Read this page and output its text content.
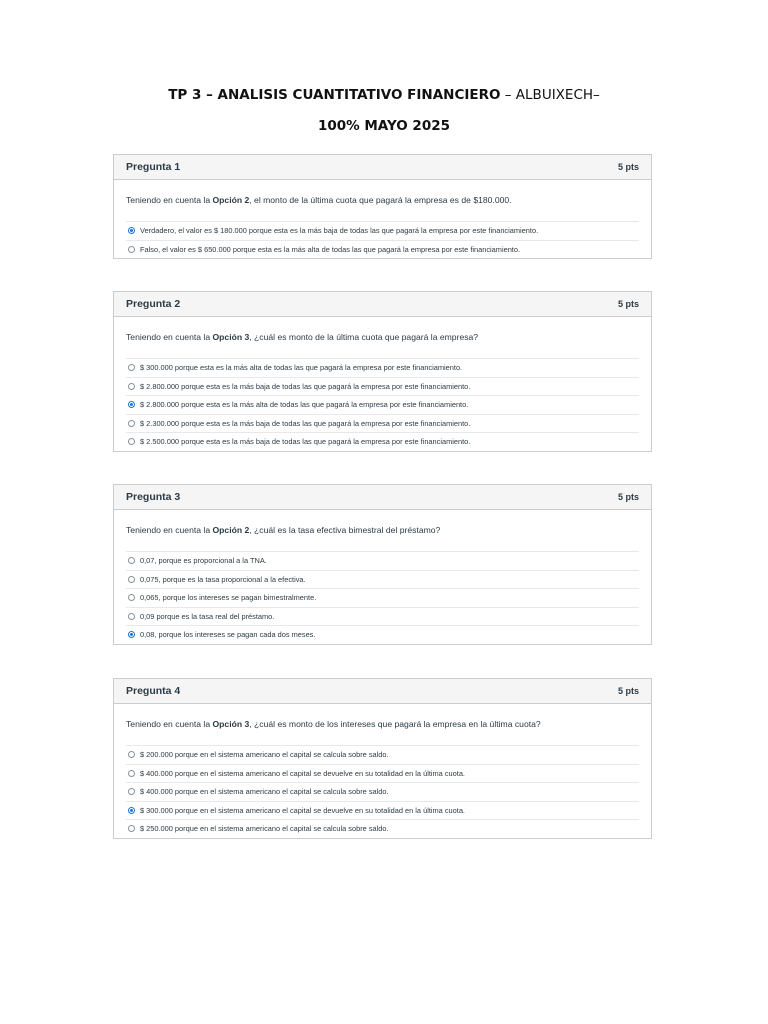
TP 3 – ANALISIS CUANTITATIVO FINANCIERO – ALBUIXECH–
100% MAYO 2025
Pregunta 1	5 pts
Teniendo en cuenta la Opción 2, el monto de la última cuota que pagará la empresa es de $180.000.
Verdadero, el valor es $ 180.000 porque esta es la más baja de todas las que pagará la empresa por este financiamiento.
Falso, el valor es $ 650.000 porque esta es la más alta de todas las que pagará la empresa por este financiamiento.
Pregunta 2	5 pts
Teniendo en cuenta la Opción 3, ¿cuál es monto de la última cuota que pagará la empresa?
$ 300.000 porque esta es la más alta de todas las que pagará la empresa por este financiamiento.
$ 2.800.000 porque esta es la más baja de todas las que pagará la empresa por este financiamiento.
$ 2.800.000 porque esta es la más alta de todas las que pagará la empresa por este financiamiento.
$ 2.300.000 porque esta es la más baja de todas las que pagará la empresa por este financiamiento.
$ 2.500.000 porque esta es la más baja de todas las que pagará la empresa por este financiamiento.
Pregunta 3	5 pts
Teniendo en cuenta la Opción 2, ¿cuál es la tasa efectiva bimestral del préstamo?
0,07, porque es proporcional a la TNA.
0,075, porque es la tasa proporcional a la efectiva.
0,065, porque los intereses se pagan bimestralmente.
0,09 porque es la tasa real del préstamo.
0,08, porque los intereses se pagan cada dos meses.
Pregunta 4	5 pts
Teniendo en cuenta la Opción 3, ¿cuál es monto de los intereses que pagará la empresa en la última cuota?
$ 200.000 porque en el sistema americano el capital se calcula sobre saldo.
$ 400.000 porque en el sistema americano el capital se devuelve en su totalidad en la última cuota.
$ 400.000 porque en el sistema americano el capital se calcula sobre saldo.
$ 300.000 porque en el sistema americano el capital se devuelve en su totalidad en la última cuota.
$ 250.000 porque en el sistema americano el capital se calcula sobre saldo.
